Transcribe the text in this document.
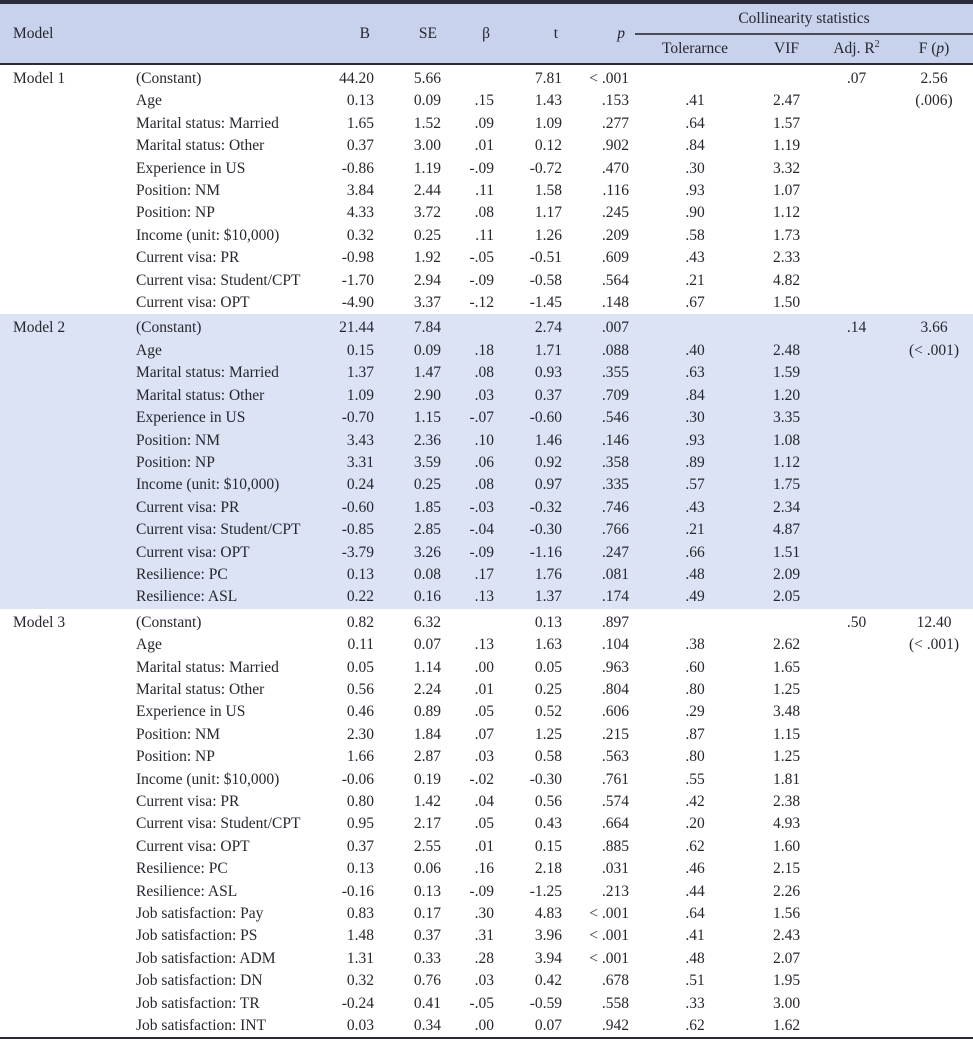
Model		B	SE	β	t	p	Collinearity statistics			
							Tolerarnce	VIF	Adj. $R^2$	F (p)
Model 1	(Constant)	44.20	5.66		7.81	< .001			.07	2.56
	Age	0.13	0.09	.15	1.43	.153	.41	2.47		(.006)
	Marital status: Married	1.65	1.52	.09	1.09	.277	.64	1.57		
	Marital status: Other	0.37	3.00	.01	0.12	.902	.84	1.19		
	Experience in US	-0.86	1.19	-.09	-0.72	.470	.30	3.32		
	Position: NM	3.84	2.44	.11	1.58	.116	.93	1.07		
	Position: NP	4.33	3.72	.08	1.17	.245	.90	1.12		
	Income (unit: $10,000)	0.32	0.25	.11	1.26	.209	.58	1.73		
	Current visa: PR	-0.98	1.92	-.05	-0.51	.609	.43	2.33		
	Current visa: Student/CPT	-1.70	2.94	-.09	-0.58	.564	.21	4.82		
	Current visa: OPT	-4.90	3.37	-.12	-1.45	.148	.67	1.50		
Model 2	(Constant)	21.44	7.84		2.74	.007			.14	3.66
	Age	0.15	0.09	.18	1.71	.088	.40	2.48		(< .001)
	Marital status: Married	1.37	1.47	.08	0.93	.355	.63	1.59		
	Marital status: Other	1.09	2.90	.03	0.37	.709	.84	1.20		
	Experience in US	-0.70	1.15	-.07	-0.60	.546	.30	3.35		
	Position: NM	3.43	2.36	.10	1.46	.146	.93	1.08		
	Position: NP	3.31	3.59	.06	0.92	.358	.89	1.12		
	Income (unit: $10,000)	0.24	0.25	.08	0.97	.335	.57	1.75		
	Current visa: PR	-0.60	1.85	-.03	-0.32	.746	.43	2.34		
	Current visa: Student/CPT	-0.85	2.85	-.04	-0.30	.766	.21	4.87		
	Current visa: OPT	-3.79	3.26	-.09	-1.16	.247	.66	1.51		
	Resilience: PC	0.13	0.08	.17	1.76	.081	.48	2.09		
	Resilience: ASL	0.22	0.16	.13	1.37	.174	.49	2.05		
Model 3	(Constant)	0.82	6.32		0.13	.897			.50	12.40
	Age	0.11	0.07	.13	1.63	.104	.38	2.62		(< .001)
	Marital status: Married	0.05	1.14	.00	0.05	.963	.60	1.65		
	Marital status: Other	0.56	2.24	.01	0.25	.804	.80	1.25		
	Experience in US	0.46	0.89	.05	0.52	.606	.29	3.48		
	Position: NM	2.30	1.84	.07	1.25	.215	.87	1.15		
	Position: NP	1.66	2.87	.03	0.58	.563	.80	1.25		
	Income (unit: $10,000)	-0.06	0.19	-.02	-0.30	.761	.55	1.81		
	Current visa: PR	0.80	1.42	.04	0.56	.574	.42	2.38		
	Current visa: Student/CPT	0.95	2.17	.05	0.43	.664	.20	4.93		
	Current visa: OPT	0.37	2.55	.01	0.15	.885	.62	1.60		
	Resilience: PC	0.13	0.06	.16	2.18	.031	.46	2.15		
	Resilience: ASL	-0.16	0.13	-.09	-1.25	.213	.44	2.26		
	Job satisfaction: Pay	0.83	0.17	.30	4.83	< .001	.64	1.56		
	Job satisfaction: PS	1.48	0.37	.31	3.96	< .001	.41	2.43		
	Job satisfaction: ADM	1.31	0.33	.28	3.94	< .001	.48	2.07		
	Job satisfaction: DN	0.32	0.76	.03	0.42	.678	.51	1.95		
	Job satisfaction: TR	-0.24	0.41	-.05	-0.59	.558	.33	3.00		
	Job satisfaction: INT	0.03	0.34	.00	0.07	.942	.62	1.62		
